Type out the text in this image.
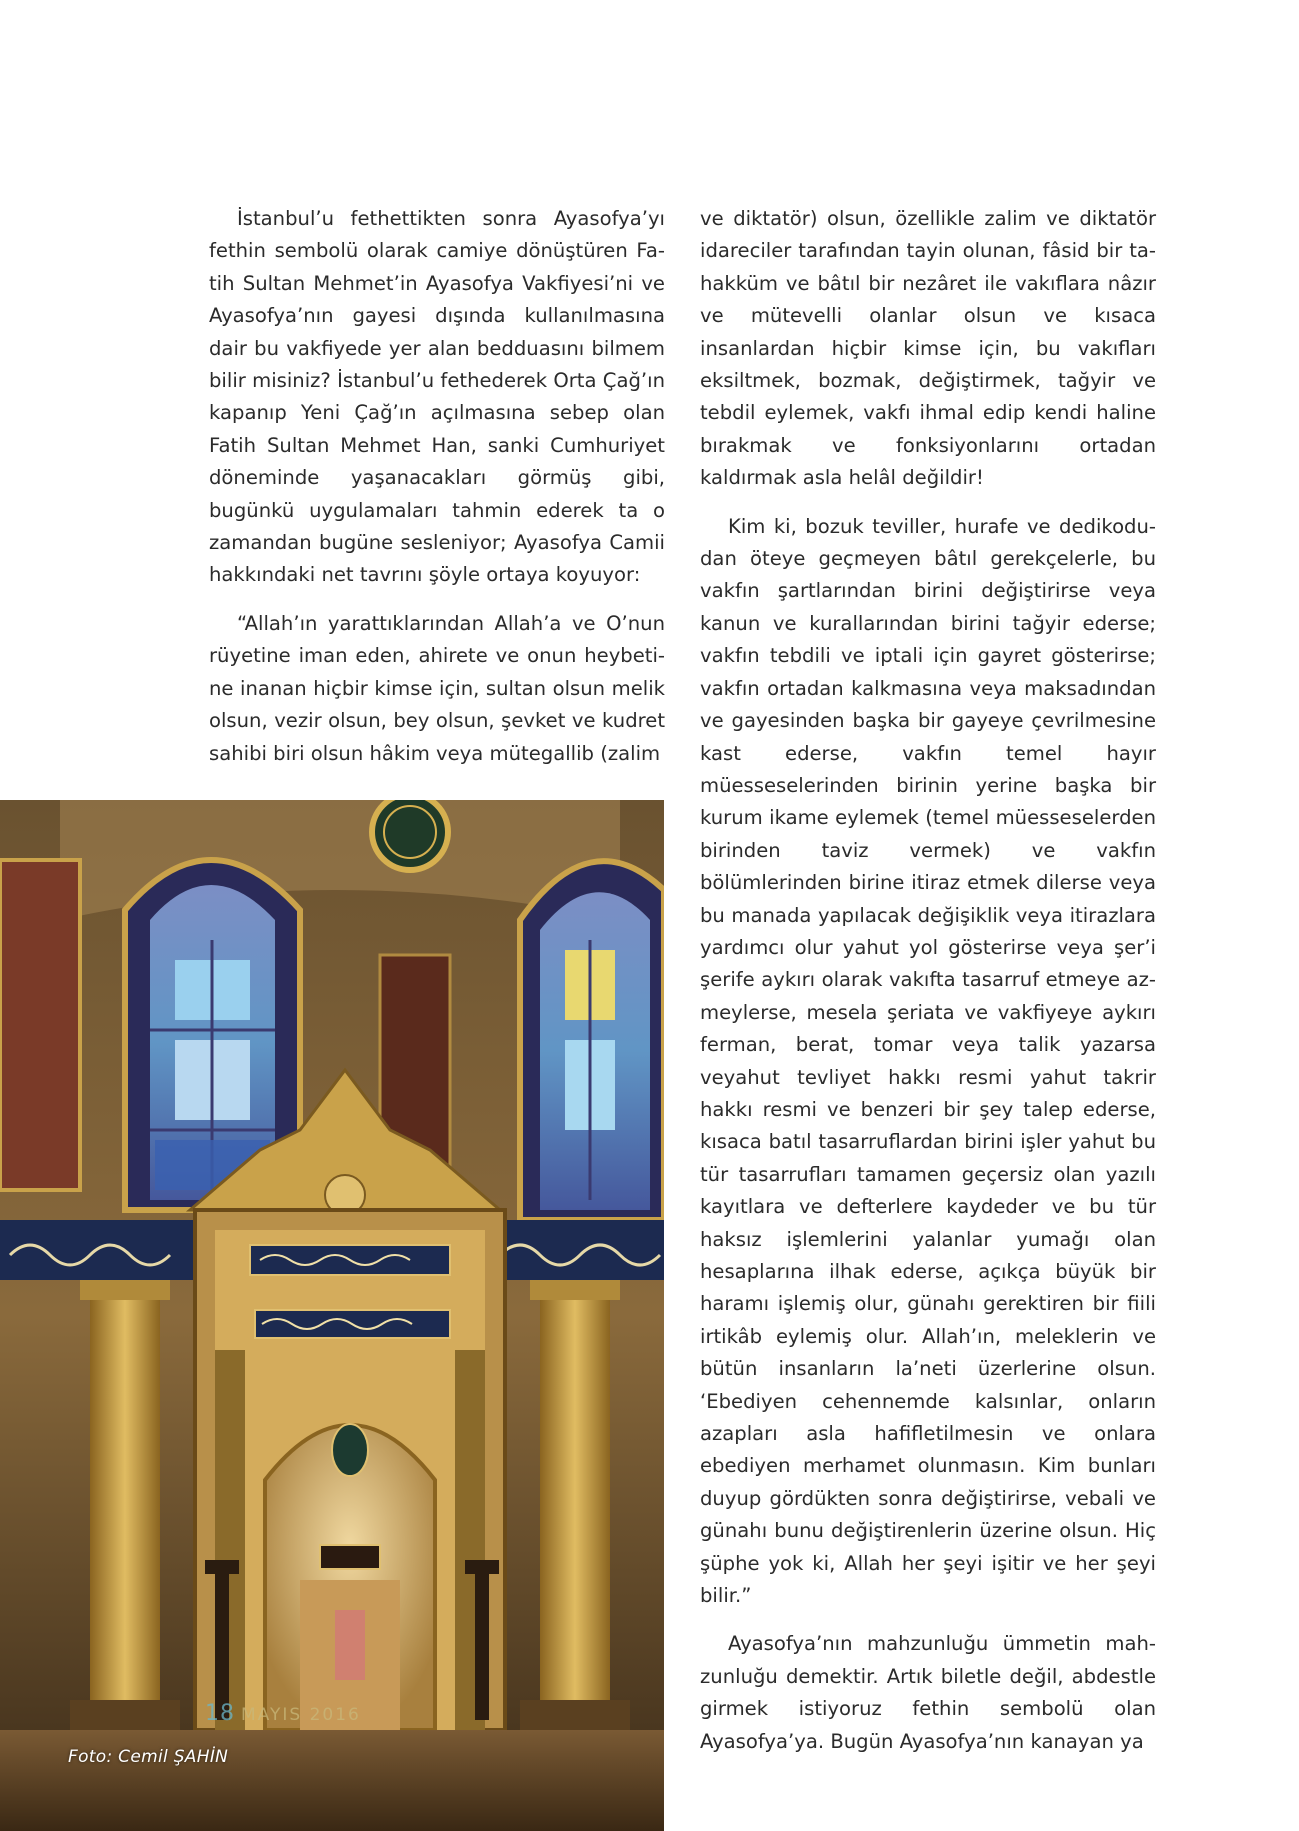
İstanbul’u fethettikten sonra Ayasofya’yı fethin sembolü olarak camiye dönüştüren Fatih Sultan Mehmet’in Ayasofya Vakfiyesi’ni ve Ayasofya’nın gayesi dışında kullanılmasına dair bu vakfiyede yer alan bedduasını bilmem bilir misiniz? İstanbul’u fethederek Orta Çağ’ın kapanıp Yeni Çağ’ın açılmasına sebep olan Fatih Sultan Mehmet Han, sanki Cumhuriyet döneminde yaşanacakları görmüş gibi, bugünkü uygulamaları tahmin ederek ta o zamandan bugüne sesleniyor; Ayasofya Camii hakkındaki net tavrını şöyle ortaya koyuyor:

“Allah’ın yarattıklarından Allah’a ve O’nun rüyetine iman eden, ahirete ve onun heybetine inanan hiçbir kimse için, sultan olsun melik olsun, vezir olsun, bey olsun, şevket ve kudret sahibi biri olsun hâkim veya mütegallib (zalim

ve diktatör) olsun, özellikle zalim ve diktatör idareciler tarafından tayin olunan, fâsid bir tahakküm ve bâtıl bir nezâret ile vakıflara nâzır ve mütevelli olanlar olsun ve kısaca insanlardan hiçbir kimse için, bu vakıfları eksiltmek, bozmak, değiştirmek, tağyir ve tebdil eylemek, vakfı ihmal edip kendi haline bırakmak ve fonksiyonlarını ortadan kaldırmak asla helâl değildir!

Kim ki, bozuk teviller, hurafe ve dedikodudan öteye geçmeyen bâtıl gerekçelerle, bu vakfın şartlarından birini değiştirirse veya kanun ve kurallarından birini tağyir ederse; vakfın tebdili ve iptali için gayret gösterirse; vakfın ortadan kalkmasına veya maksadından ve gayesinden başka bir gayeye çevrilmesine kast ederse, vakfın temel hayır müesseselerinden birinin yerine başka bir kurum ikame eylemek (temel müesseselerden birinden taviz vermek) ve vakfın bölümlerinden birine itiraz etmek dilerse veya bu manada yapılacak değişiklik veya itirazlara yardımcı olur yahut yol gösterirse veya şer’i şerife aykırı olarak vakıfta tasarruf etmeye azmeylerse, mesela şeriata ve vakfiyeye aykırı ferman, berat, tomar veya talik yazarsa veyahut tevliyet hakkı resmi yahut takrir hakkı resmi ve benzeri bir şey talep ederse, kısaca batıl tasarruflardan birini işler yahut bu tür tasarrufları tamamen geçersiz olan yazılı kayıtlara ve defterlere kaydeder ve bu tür haksız işlemlerini yalanlar yumağı olan hesaplarına ilhak ederse, açıkça büyük bir haramı işlemiş olur, günahı gerektiren bir fiili irtikâb eylemiş olur. Allah’ın, meleklerin ve bütün insanların la’neti üzerlerine olsun. ‘Ebediyen cehennemde kalsınlar, onların azapları asla hafifletilmesin ve onlara ebediyen merhamet olunmasın. Kim bunları duyup gördükten sonra değiştirirse, vebali ve günahı bunu değiştirenlerin üzerine olsun. Hiç şüphe yok ki, Allah her şeyi işitir ve her şeyi bilir.”

Ayasofya’nın mahzunluğu ümmetin mahzunluğu demektir. Artık biletle değil, abdestle girmek istiyoruz fethin sembolü olan Ayasofya’ya. Bugün Ayasofya’nın kanayan ya

18 MAYIS 2016
Foto: Cemil ŞAHİN
